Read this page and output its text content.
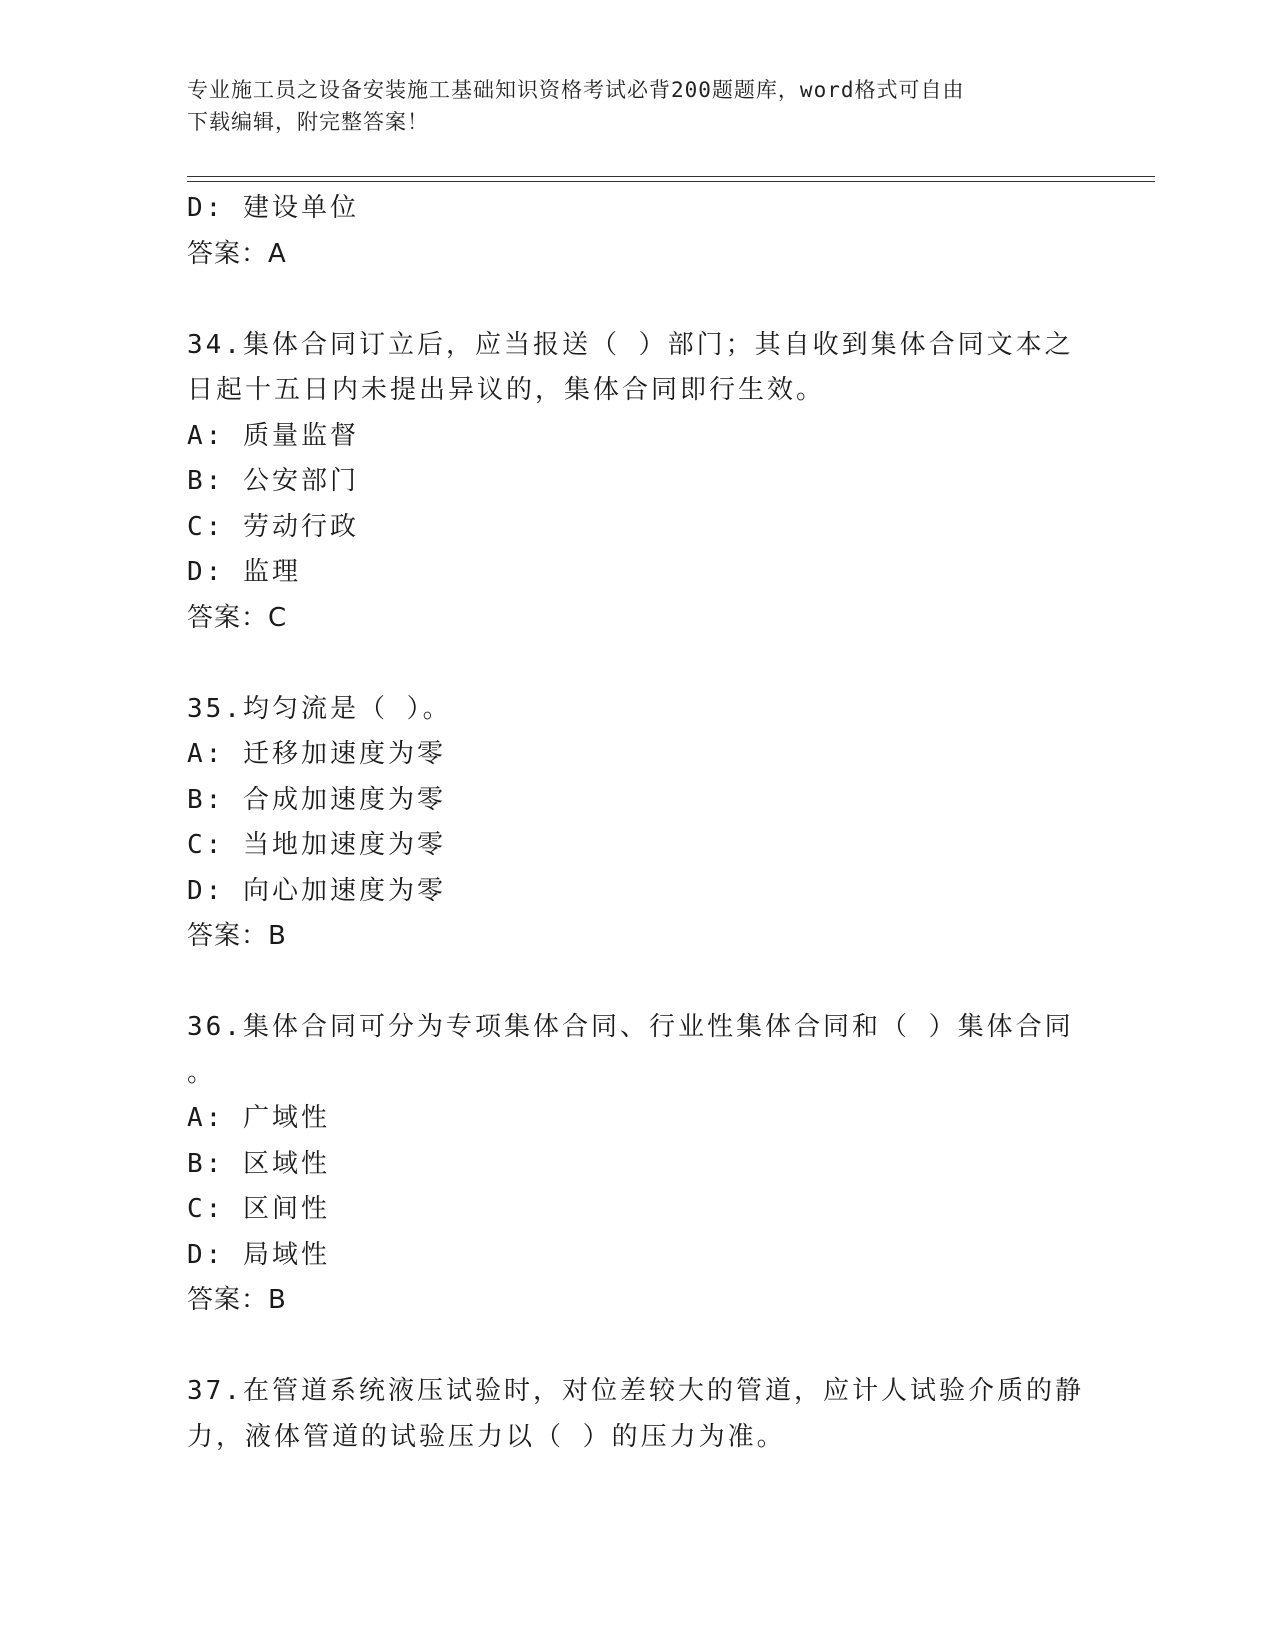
专业施工员之设备安装施工基础知识资格考试必背200题题库，word格式可自由
下载编辑，附完整答案！
D: 建设单位
答案：A
34.集体合同订立后，应当报送（ ）部门；其自收到集体合同文本之
日起十五日内未提出异议的，集体合同即行生效。
A: 质量监督
B: 公安部门
C: 劳动行政
D: 监理
答案：C
35.均匀流是（ ）。
A: 迁移加速度为零
B: 合成加速度为零
C: 当地加速度为零
D: 向心加速度为零
答案：B
36.集体合同可分为专项集体合同、行业性集体合同和（ ）集体合同
。
A: 广域性
B: 区域性
C: 区间性
D: 局域性
答案：B
37.在管道系统液压试验时，对位差较大的管道，应计人试验介质的静
力，液体管道的试验压力以（ ）的压力为准。
